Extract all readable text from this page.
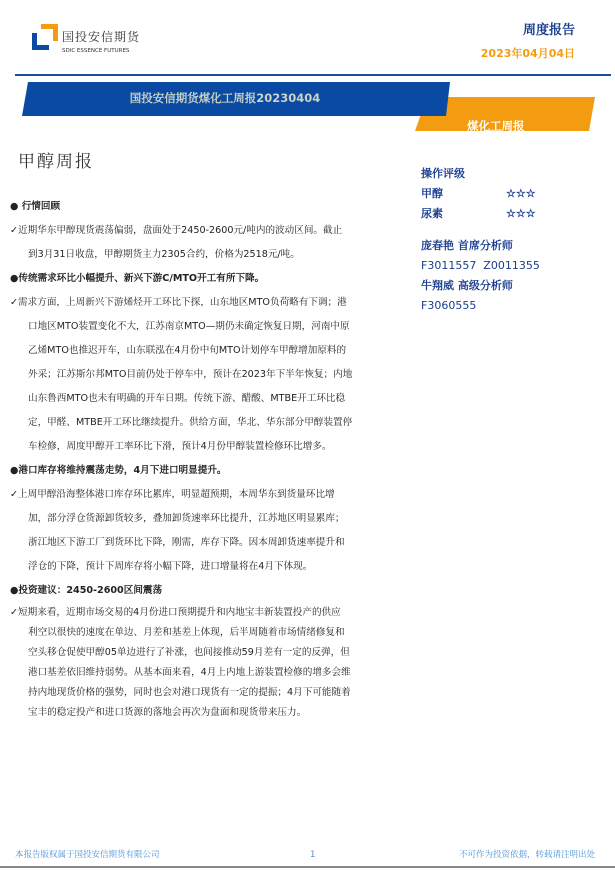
国投安信期货
SDIC ESSENCE FUTURES
周度报告
2023年04月04日
国投安信期货煤化工周报20230404
煤化工周报
甲醇周报
操作评级
甲醇	☆☆☆
尿素	☆☆☆
庞春艳 首席分析师
F3011557  Z0011355
牛翔威 高级分析师
F3060555
● 行情回顾
✓近期华东甲醇现货震荡偏弱，盘面处于2450-2600元/吨内的波动区间。截止
到3月31日收盘，甲醇期货主力2305合约，价格为2518元/吨。
●传统需求环比小幅提升、新兴下游C/MTO开工有所下降。
✓需求方面，上周新兴下游烯烃开工环比下探，山东地区MTO负荷略有下调；港
口地区MTO装置变化不大，江苏南京MTO—期仍未确定恢复日期，河南中原
乙烯MTO也推迟开车，山东联泓在4月份中旬MTO计划停车甲醇增加原料的
外采；江苏斯尔邦MTO目前仍处于停车中，预计在2023年下半年恢复；内地
山东鲁西MTO也未有明确的开车日期。传统下游、醋酸、MTBE开工环比稳
定，甲醛、MTBE开工环比继续提升。供给方面，华北、华东部分甲醇装置停
车检修，周度甲醇开工率环比下滑，预计4月份甲醇装置检修环比增多。
●港口库存将维持震荡走势，4月下进口明显提升。
✓上周甲醇沿海整体港口库存环比累库，明显超预期，本周华东到货量环比增
加，部分浮仓货源卸货较多，叠加卸货速率环比提升，江苏地区明显累库；
浙江地区下游工厂到货环比下降，刚需，库存下降。因本周卸货速率提升和
浮仓的下降，预计下周库存将小幅下降，进口增量将在4月下体现。
●投资建议：2450-2600区间震荡
✓短期来看，近期市场交易的4月份进口预期提升和内地宝丰新装置投产的供应
利空以很快的速度在单边、月差和基差上体现，后半周随着市场情绪修复和
空头移仓促使甲醇05单边进行了补涨，也间接推动59月差有一定的反弹，但
港口基差依旧维持弱势。从基本面来看，4月上内地上游装置检修的增多会维
持内地现货价格的强势，同时也会对港口现货有一定的提振；4月下可能随着
宝丰的稳定投产和进口货源的落地会再次为盘面和现货带来压力。
本报告版权属于国投安信期货有限公司	1	不可作为投资依据，转载请注明出处
